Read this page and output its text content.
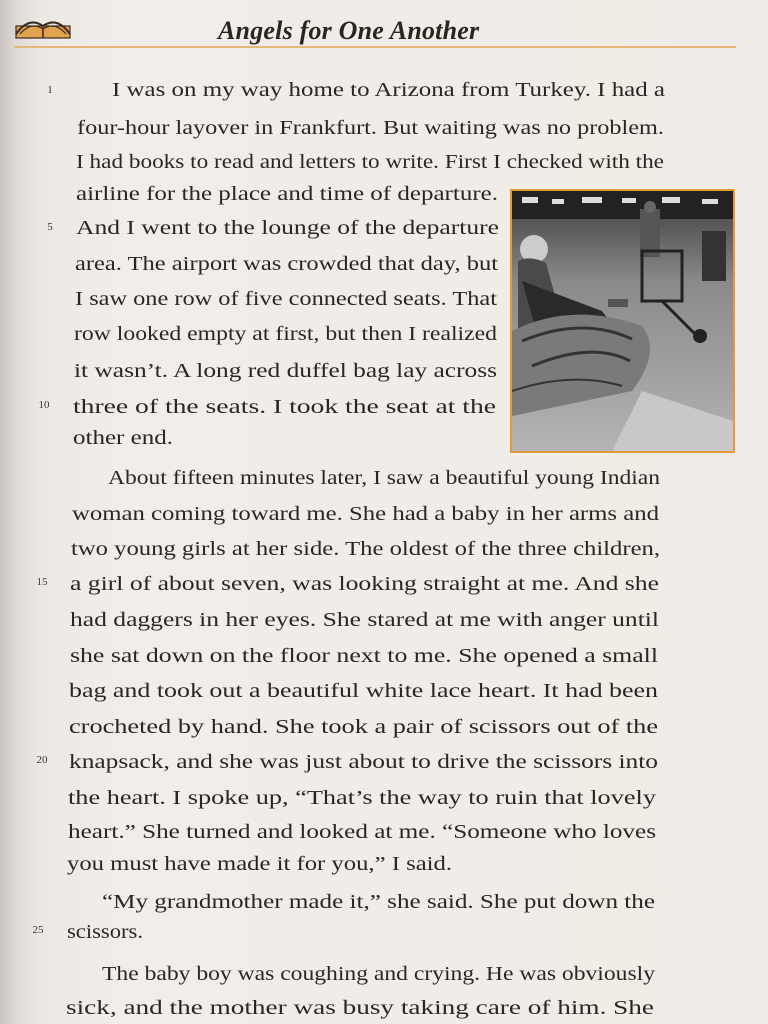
Angels for One Another
1
5
10
15
20
25
I was on my way home to Arizona from Turkey. I had a
four-hour layover in Frankfurt. But waiting was no problem.
I had books to read and letters to write. First I checked with the
airline for the place and time of departure.
And I went to the lounge of the departure
area. The airport was crowded that day, but
I saw one row of five connected seats. That
row looked empty at first, but then I realized
it wasn’t. A long red duffel bag lay across
three of the seats. I took the seat at the
other end.
About fifteen minutes later, I saw a beautiful young Indian
woman coming toward me. She had a baby in her arms and
two young girls at her side. The oldest of the three children,
a girl of about seven, was looking straight at me. And she
had daggers in her eyes. She stared at me with anger until
she sat down on the floor next to me. She opened a small
bag and took out a beautiful white lace heart. It had been
crocheted by hand. She took a pair of scissors out of the
knapsack, and she was just about to drive the scissors into
the heart. I spoke up, “That’s the way to ruin that lovely
heart.” She turned and looked at me. “Someone who loves
you must have made it for you,” I said.
“My grandmother made it,” she said. She put down the
scissors.
The baby boy was coughing and crying. He was obviously
sick, and the mother was busy taking care of him. She
